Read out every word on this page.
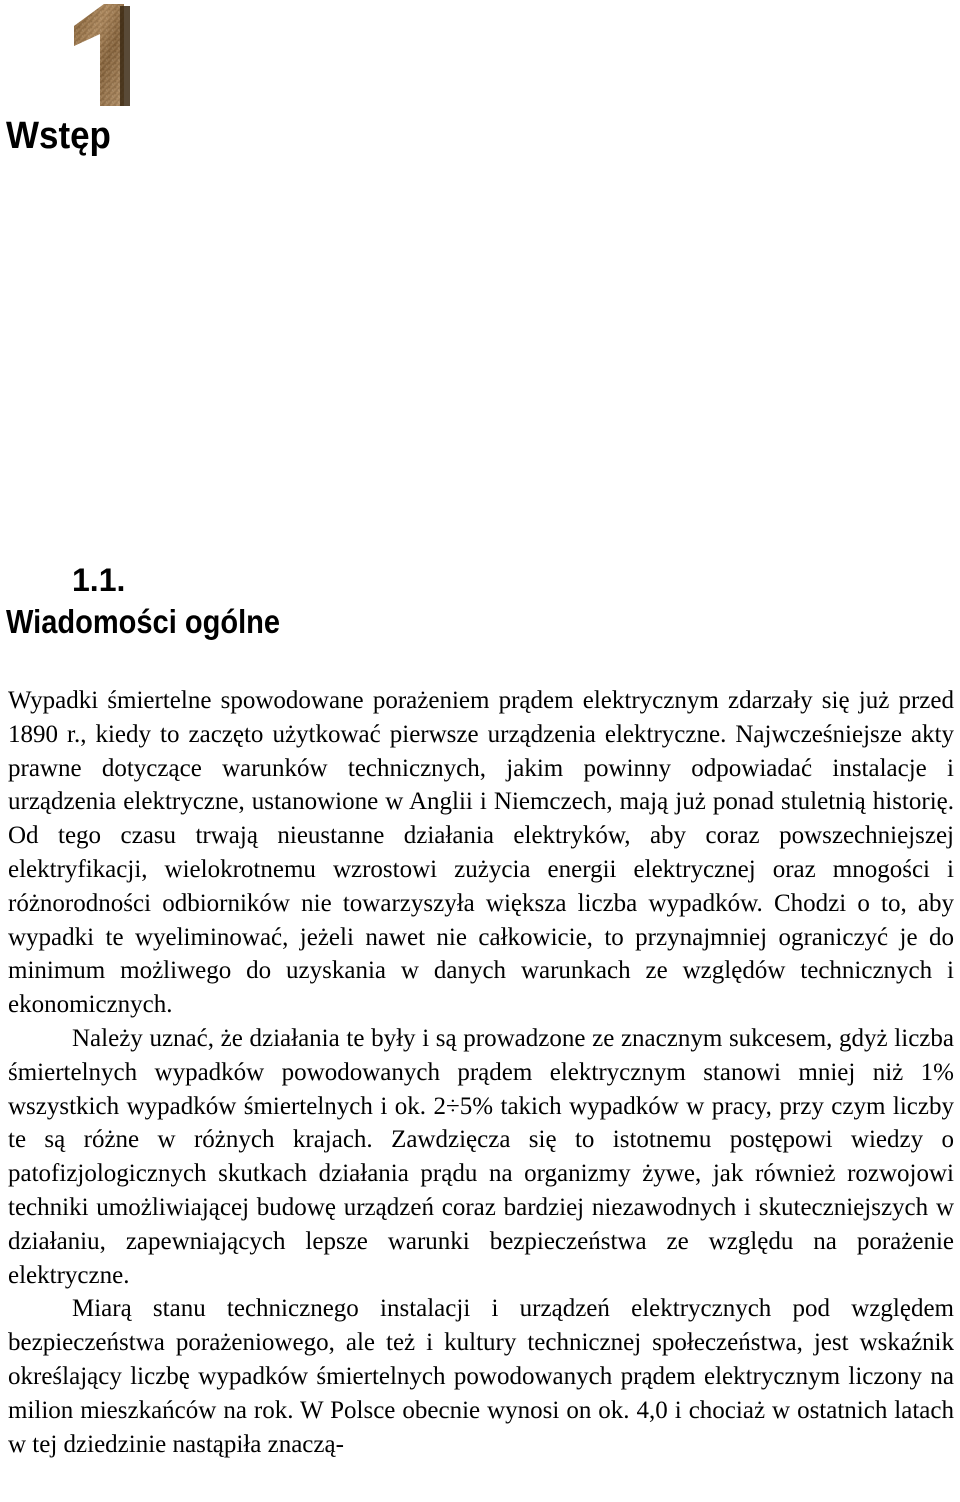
Wstęp
1.1.
Wiadomości ogólne

Wypadki śmiertelne spowodowane porażeniem prądem elektrycznym zdarzały się już przed 1890 r., kiedy to zaczęto użytkować pierwsze urządzenia elektryczne. Najwcześniejsze akty prawne dotyczące warunków technicznych, jakim powinny odpowiadać instalacje i urządzenia elektryczne, ustanowione w Anglii i Niemczech, mają już ponad stuletnią historię. Od tego czasu trwają nieustanne działania elektryków, aby coraz powszechniejszej elektryfikacji, wielokrotnemu wzrostowi zużycia energii elektrycznej oraz mnogości i różnorodności odbiorników nie towarzyszyła większa liczba wypadków. Chodzi o to, aby wypadki te wyeliminować, jeżeli nawet nie całkowicie, to przynajmniej ograniczyć je do minimum możliwego do uzyskania w danych warunkach ze względów technicznych i ekonomicznych.

Należy uznać, że działania te były i są prowadzone ze znacznym sukcesem, gdyż liczba śmiertelnych wypadków powodowanych prądem elektrycznym stanowi mniej niż 1% wszystkich wypadków śmiertelnych i ok. 2÷5% takich wypadków w pracy, przy czym liczby te są różne w różnych krajach. Zawdzięcza się to istotnemu postępowi wiedzy o patofizjologicznych skutkach działania prądu na organizmy żywe, jak również rozwojowi techniki umożliwiającej budowę urządzeń coraz bardziej niezawodnych i skuteczniejszych w działaniu, zapewniających lepsze warunki bezpieczeństwa ze względu na porażenie elektryczne.

Miarą stanu technicznego instalacji i urządzeń elektrycznych pod względem bezpieczeństwa porażeniowego, ale też i kultury technicznej społeczeństwa, jest wskaźnik określający liczbę wypadków śmiertelnych powodowanych prądem elektrycznym liczony na milion mieszkańców na rok. W Polsce obecnie wynosi on ok. 4,0 i chociaż w ostatnich latach w tej dziedzinie nastąpiła znaczą-
